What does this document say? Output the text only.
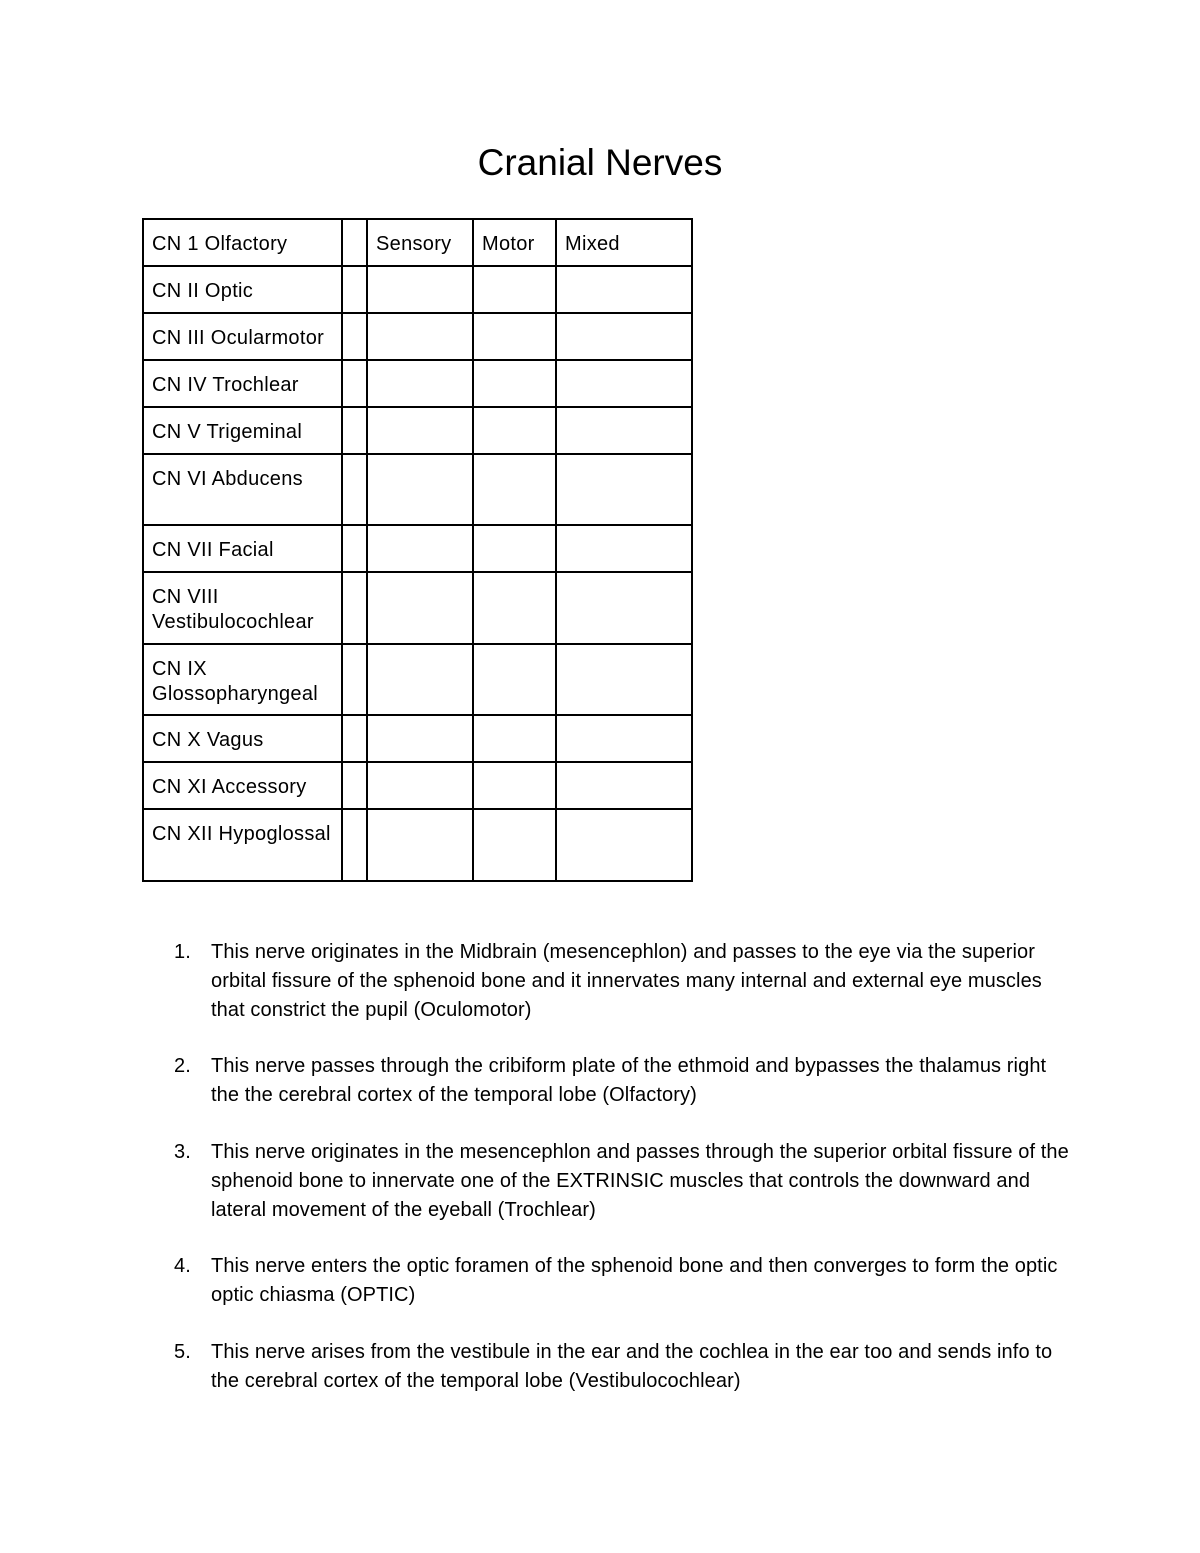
Cranial Nerves
CN 1 Olfactory		Sensory	Motor	Mixed

CN II Optic				

CN III Ocularmotor				

CN IV Trochlear				

CN V Trigeminal				

CN VI Abducens				

CN VII Facial				

CN VIII Vestibulocochlear				

CN IX Glossopharyngeal				

CN X Vagus				

CN XI Accessory				

CN XII Hypoglossal				

1.	This nerve originates in the Midbrain (mesencephlon) and passes to the eye via the superior orbital fissure of the sphenoid bone and it innervates many internal and external eye muscles that constrict the pupil (Oculomotor)
2.	This nerve passes through the cribiform plate of the ethmoid and bypasses the thalamus right the the cerebral cortex of the temporal lobe (Olfactory)
3.	This nerve originates in the mesencephlon and passes through the superior orbital fissure of the sphenoid bone to innervate one of the EXTRINSIC muscles that controls the downward and lateral movement of the eyeball (Trochlear)
4.	This nerve enters the optic foramen of the sphenoid bone and then converges to form the optic optic chiasma (OPTIC)
5.	This nerve arises from the vestibule in the ear and the cochlea in the ear too and sends info to the cerebral cortex of the temporal lobe (Vestibulocochlear)
